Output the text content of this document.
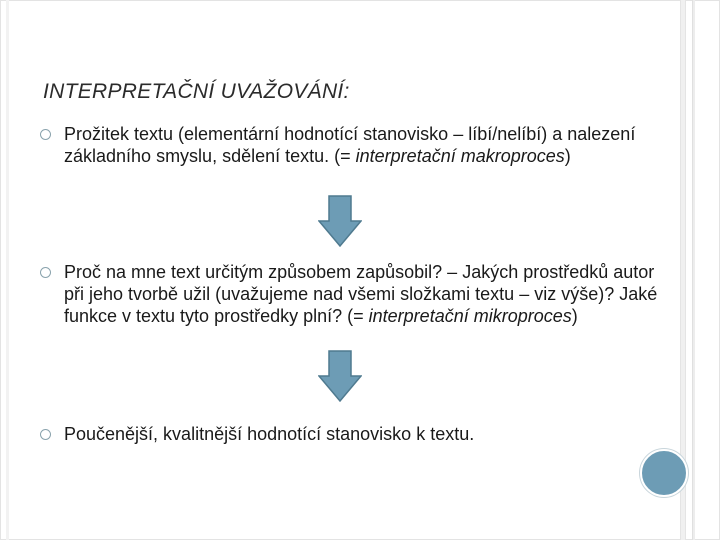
INTERPRETAČNÍ UVAŽOVÁNÍ:
Prožitek textu (elementární hodnotící stanovisko – líbí/nelíbí) a nalezení základního smyslu, sdělení textu. (= interpretační makroproces)
Proč na mne text určitým způsobem zapůsobil? – Jakých prostředků autor při jeho tvorbě užil (uvažujeme nad všemi složkami textu – viz výše)? Jaké funkce v textu tyto prostředky plní? (= interpretační mikroproces)
Poučenější, kvalitnější hodnotící stanovisko k textu.
